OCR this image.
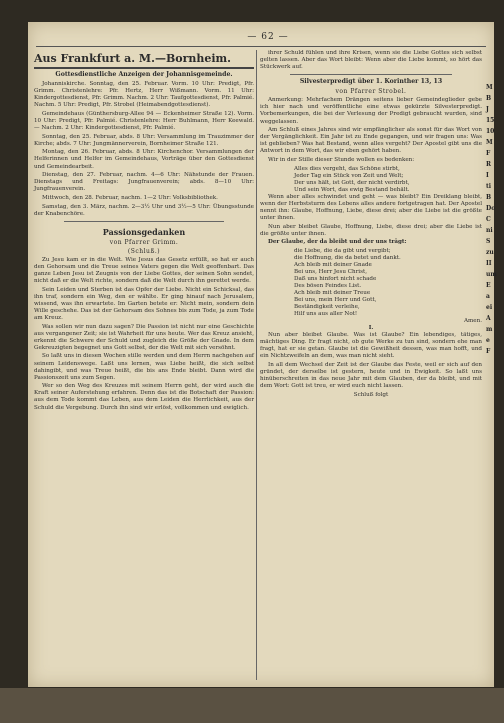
— 62 —
Aus Frankfurt a. M.—Bornheim.
Gottesdienstliche Anzeigen der Johannisgemeinde.

Johanniskirche. Sonntag, den 25. Februar. Vorm. 10 Uhr: Predigt, Pfr. Grimm. Christenlehre: Pfr. Hertz, Herr Wißmann. Vorm. 11 Uhr: Kindergottesdienst, Pfr. Grimm. Nachm. 2 Uhr: Taufgottesdienst, Pfr. Palmié. Nachm. 5 Uhr: Predigt, Pfr. Strobel (Heimabendgottesdienst).

Gemeindehaus (Günthersburg-Allee 94 — Eckenheimer Straße 12). Vorm. 10 Uhr: Predigt, Pfr. Palmié. Christenlehre: Herr Buhlmann, Herr Keewald. — Nachm. 2 Uhr: Kindergottesdienst, Pfr. Palmié.

Sonntag, den 25. Februar, abds. 8 Uhr: Versammlung im Trauzimmer der Kirche; abds. 7 Uhr: Jungmännerverein, Bornheimer Straße 121.

Montag, den 26. Februar, abds. 8 Uhr: Kirchenchor. Versammlungen der Helferinnen und Helfer im Gemeindehaus, Vorträge über den Gottesdienst und Gemeindearbeit.

Dienstag, den 27. Februar, nachm. 4—6 Uhr: Nähstunde der Frauen. Dienstags und Freitags: Jungfrauenverein; abds. 8—10 Uhr: Jungfrauenverein.

Mittwoch, den 28. Februar, nachm. 1—2 Uhr: Volksbibliothek.

Samstag, den 3. März, nachm. 2—3½ Uhr und 3½—5 Uhr: Übungsstunde der Knabenchöre.

Passionsgedanken
von Pfarrer Grimm.
(Schluß.)

Zu Jesu kam er in die Welt. Wie Jesus das Gesetz erfüllt, so hat er auch den Gehorsam und die Treue seines Vaters gegen die Welt geoffenbart. Das ganze Leben Jesu ist Zeugnis von der Liebe Gottes, der seinen Sohn sendet, nicht daß er die Welt richte, sondern daß die Welt durch ihn gerettet werde.

Sein Leiden und Sterben ist das Opfer der Liebe. Nicht ein Schicksal, das ihn traf, sondern ein Weg, den er wählte. Er ging hinauf nach Jerusalem, wissend, was ihn erwartete. Im Garten betete er: Nicht mein, sondern dein Wille geschehe. Das ist der Gehorsam des Sohnes bis zum Tode, ja zum Tode am Kreuz.

Was sollen wir nun dazu sagen? Die Passion ist nicht nur eine Geschichte aus vergangener Zeit; sie ist Wahrheit für uns heute. Wer das Kreuz ansieht, erkennt die Schwere der Schuld und zugleich die Größe der Gnade. In dem Gekreuzigten begegnet uns Gott selbst, der die Welt mit sich versöhnt.

So laßt uns in diesen Wochen stille werden und dem Herrn nachgehen auf seinem Leidenswege. Laßt uns lernen, was Liebe heißt, die sich selbst dahingibt, und was Treue heißt, die bis ans Ende bleibt. Dann wird die Passionszeit uns zum Segen.

Wer so den Weg des Kreuzes mit seinem Herrn geht, der wird auch die Kraft seiner Auferstehung erfahren. Denn das ist die Botschaft der Passion: aus dem Tode kommt das Leben, aus dem Leiden die Herrlichkeit, aus der Schuld die Vergebung. Durch ihn sind wir erlöst, vollkommen und ewiglich.

ihrer Schuld fühlen und ihre Krisen, wenn sie die Liebe Gottes sich selbst gelten lassen. Aber das Wort bleibt: Wenn aber die Liebe kommt, so hört das Stückwerk auf.

Silvesterpredigt über 1. Korinther 13, 13
von Pfarrer Strobel.

Anmerkung: Mehrfachem Drängen seitens lieber Gemeindeglieder gebe ich hier nach und veröffentliche eine etwas gekürzte Silvesterpredigt. Vorbemerkungen, die bei der Verlesung der Predigt gebraucht wurden, sind weggelassen.

Am Schluß eines Jahres sind wir empfänglicher als sonst für das Wort von der Vergänglichkeit. Ein Jahr ist zu Ende gegangen, und wir fragen uns: Was ist geblieben? Was hat Bestand, wenn alles vergeht? Der Apostel gibt uns die Antwort in dem Wort, das wir eben gehört haben.

Wir in der Stille dieser Stunde wollen es bedenken:

Alles dies vergeht, das Schöne stirbt,
Jeder Tag ein Stück von Zeit und Welt;
Der uns hält, ist Gott, der nicht verdirbt,
Und sein Wort, das ewig Bestand behält.

Wenn aber alles schwindet und geht — was bleibt? Ein Dreiklang bleibt, wenn der Herbststurm des Lebens alles andere fortgetragen hat. Der Apostel nennt ihn: Glaube, Hoffnung, Liebe, diese drei; aber die Liebe ist die größte unter ihnen.

Nun aber bleibet Glaube, Hoffnung, Liebe, diese drei; aber die Liebe ist die größte unter ihnen.

Der Glaube, der da bleibt und der uns trägt:

die Liebe, die da gibt und vergibt;
die Hoffnung, die da betet und dankt.
Ach bleib mit deiner Gnade
Bei uns, Herr Jesu Christ,
Daß uns hinfort nicht schade
Des bösen Feindes List.
Ach bleib mit deiner Treue
Bei uns, mein Herr und Gott,
Beständigkeit verleihe,
Hilf uns aus aller Not!
Amen.
I.

Nun aber bleibet Glaube. Was ist Glaube? Ein lebendiges, tätiges, mächtiges Ding. Er fragt nicht, ob gute Werke zu tun sind, sondern ehe man fragt, hat er sie getan. Glaube ist die Gewißheit dessen, was man hofft, und ein Nichtzweifeln an dem, was man nicht sieht.

In all dem Wechsel der Zeit ist der Glaube das Feste, weil er sich auf den gründet, der derselbe ist gestern, heute und in Ewigkeit. So laßt uns hinüberschreiten in das neue Jahr mit dem Glauben, der da bleibt, und mit dem Wort: Gott ist treu, er wird euch nicht lassen.

Schluß folgt
M
B
J
15
10
M
F
R
I
ti
B
Do
C
ni
S
zu
II
um
E
a
ei
A
m
e
F
